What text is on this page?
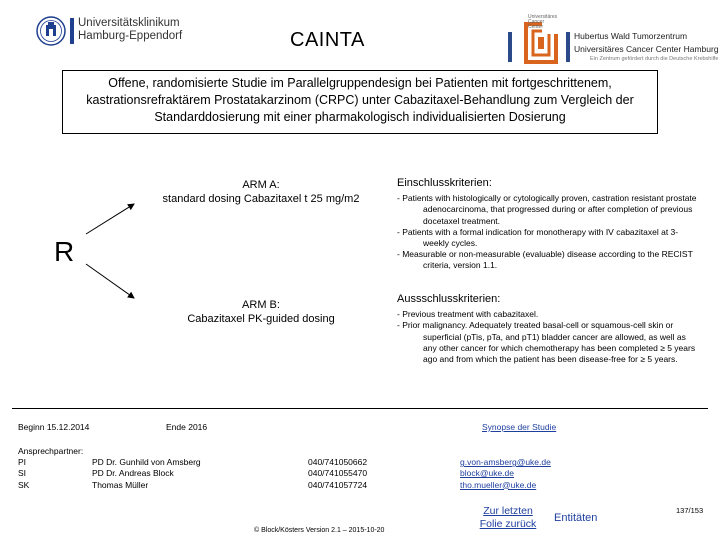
Universitätsklinikum
Hamburg-Eppendorf	CAINTA
Universitäres Cancer Center
Hubertus Wald Tumorzentrum
Universitäres Cancer Center Hamburg
Ein Zentrum gefördert durch die Deutsche Krebshilfe
Offene, randomisierte Studie im Parallelgruppendesign bei Patienten mit fortgeschrittenem,
kastrationsrefraktärem Prostatakarzinom (CRPC) unter Cabazitaxel-Behandlung zum Vergleich der
Standarddosierung mit einer pharmakologisch individualisierten Dosierung
ARM A:
standard dosing Cabazitaxel t 25 mg/m2
R
ARM B:
Cabazitaxel PK-guided dosing
Einschlusskriterien:

- Patients with histologically or cytologically proven, castration resistant prostate adenocarcinoma, that progressed during or after completion of previous docetaxel treatment.

- Patients with a formal indication for monotherapy with IV cabazitaxel at 3-weekly cycles.

- Measurable or non-measurable (evaluable) disease according to the RECIST criteria, version 1.1.

Aussschlusskriterien:

- Previous treatment with cabazitaxel.

- Prior malignancy. Adequately treated basal-cell or squamous-cell skin or superficial (pTis, pTa, and pT1) bladder cancer are allowed, as well as any other cancer for which chemotherapy has been completed ≥ 5 years ago and from which the patient has been disease-free for ≥ 5 years.

Beginn 15.12.2014	Ende 2016	Synopse der Studie
Ansprechpartner:
PI	PD Dr. Gunhild von Amsberg	040/741050662	g.von-amsberg@uke.de
SI	PD Dr. Andreas Block	040/741055470	block@uke.de
SK	Thomas Müller	040/741057724	tho.mueller@uke.de
Zur letzten
Folie zurück	Entitäten
137/153
© Block/Kösters Version 2.1 – 2015-10-20
